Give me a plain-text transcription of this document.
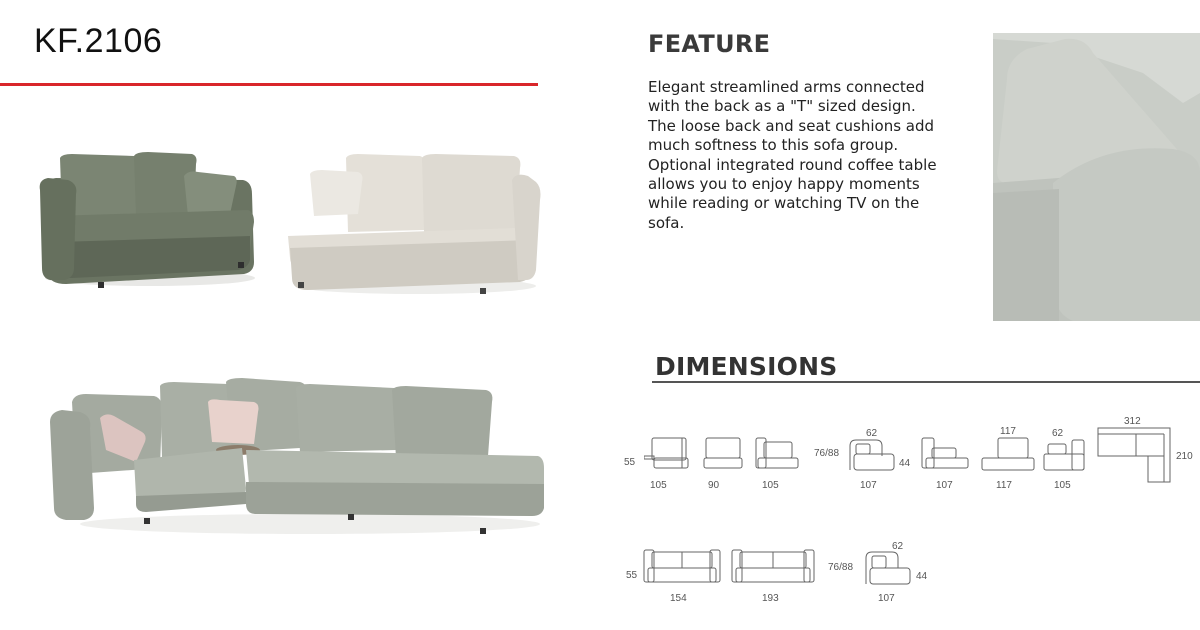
KF.2106	FEATURE
Elegant streamlined arms connected with the back as a "T" sized design. The loose back and seat cushions add much softness to this sofa group. Optional integrated round coffee table allows you to enjoy happy moments while reading or watching TV on the sofa.
DIMENSIONS
55
105	90	105
76/88
62
44
107	107
117
117
62
105
312
210
55
154	193
76/88
62
44
107
